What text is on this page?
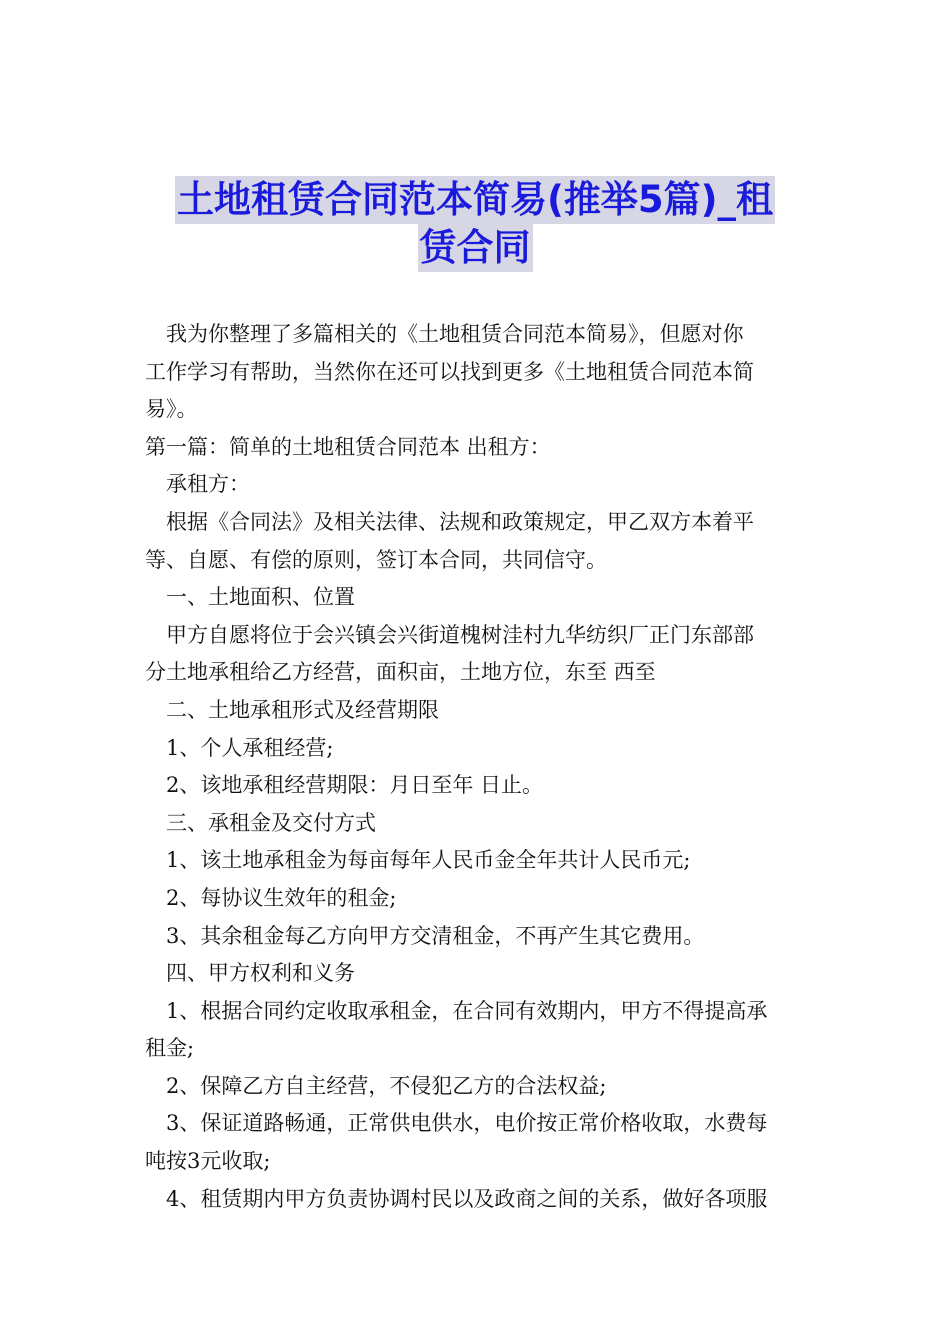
土地租赁合同范本简易(推举5篇)_租
赁合同
我为你整理了多篇相关的《土地租赁合同范本简易》，但愿对你
工作学习有帮助，当然你在还可以找到更多《土地租赁合同范本简
易》。
第一篇：简单的土地租赁合同范本 出租方：
承租方：
根据《合同法》及相关法律、法规和政策规定，甲乙双方本着平
等、自愿、有偿的原则，签订本合同，共同信守。
一、土地面积、位置
甲方自愿将位于会兴镇会兴街道槐树洼村九华纺织厂正门东部部
分土地承租给乙方经营，面积亩，土地方位，东至 西至
二、土地承租形式及经营期限
1、个人承租经营;
2、该地承租经营期限：月日至年 日止。
三、承租金及交付方式
1、该土地承租金为每亩每年人民币金全年共计人民币元;
2、每协议生效年的租金;
3、其余租金每乙方向甲方交清租金，不再产生其它费用。
四、甲方权利和义务
1、根据合同约定收取承租金，在合同有效期内，甲方不得提高承
租金;
2、保障乙方自主经营，不侵犯乙方的合法权益;
3、保证道路畅通，正常供电供水，电价按正常价格收取，水费每
吨按3元收取;
4、租赁期内甲方负责协调村民以及政商之间的关系，做好各项服
